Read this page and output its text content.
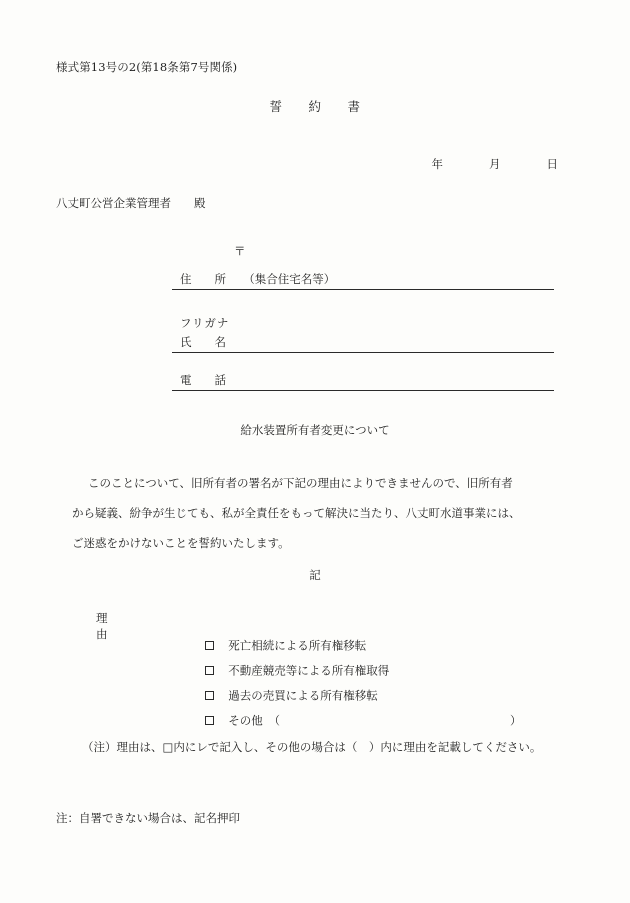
様式第13号の2(第18条第7号関係)
誓　　約　　書
年　　　　月　　　　日
八丈町公営企業管理者　　殿
〒
住　　所　　（集合住宅名等）
フリガナ
氏　　名
電　　話
給水装置所有者変更について
このことについて、旧所有者の署名が下記の理由によりできませんので、旧所有者
から疑義、紛争が生じても、私が全責任をもって解決に当たり、八丈町水道事業には、
ご迷惑をかけないことを誓約いたします。
記
理　　由

死亡相続による所有権移転

不動産競売等による所有権取得

過去の売買による所有権移転

その他　（　　　　　　　　　　　　　　　　　　　　）

（注）理由は、□内にレで記入し、その他の場合は（　）内に理由を記載してください。
注：自署できない場合は、記名押印
